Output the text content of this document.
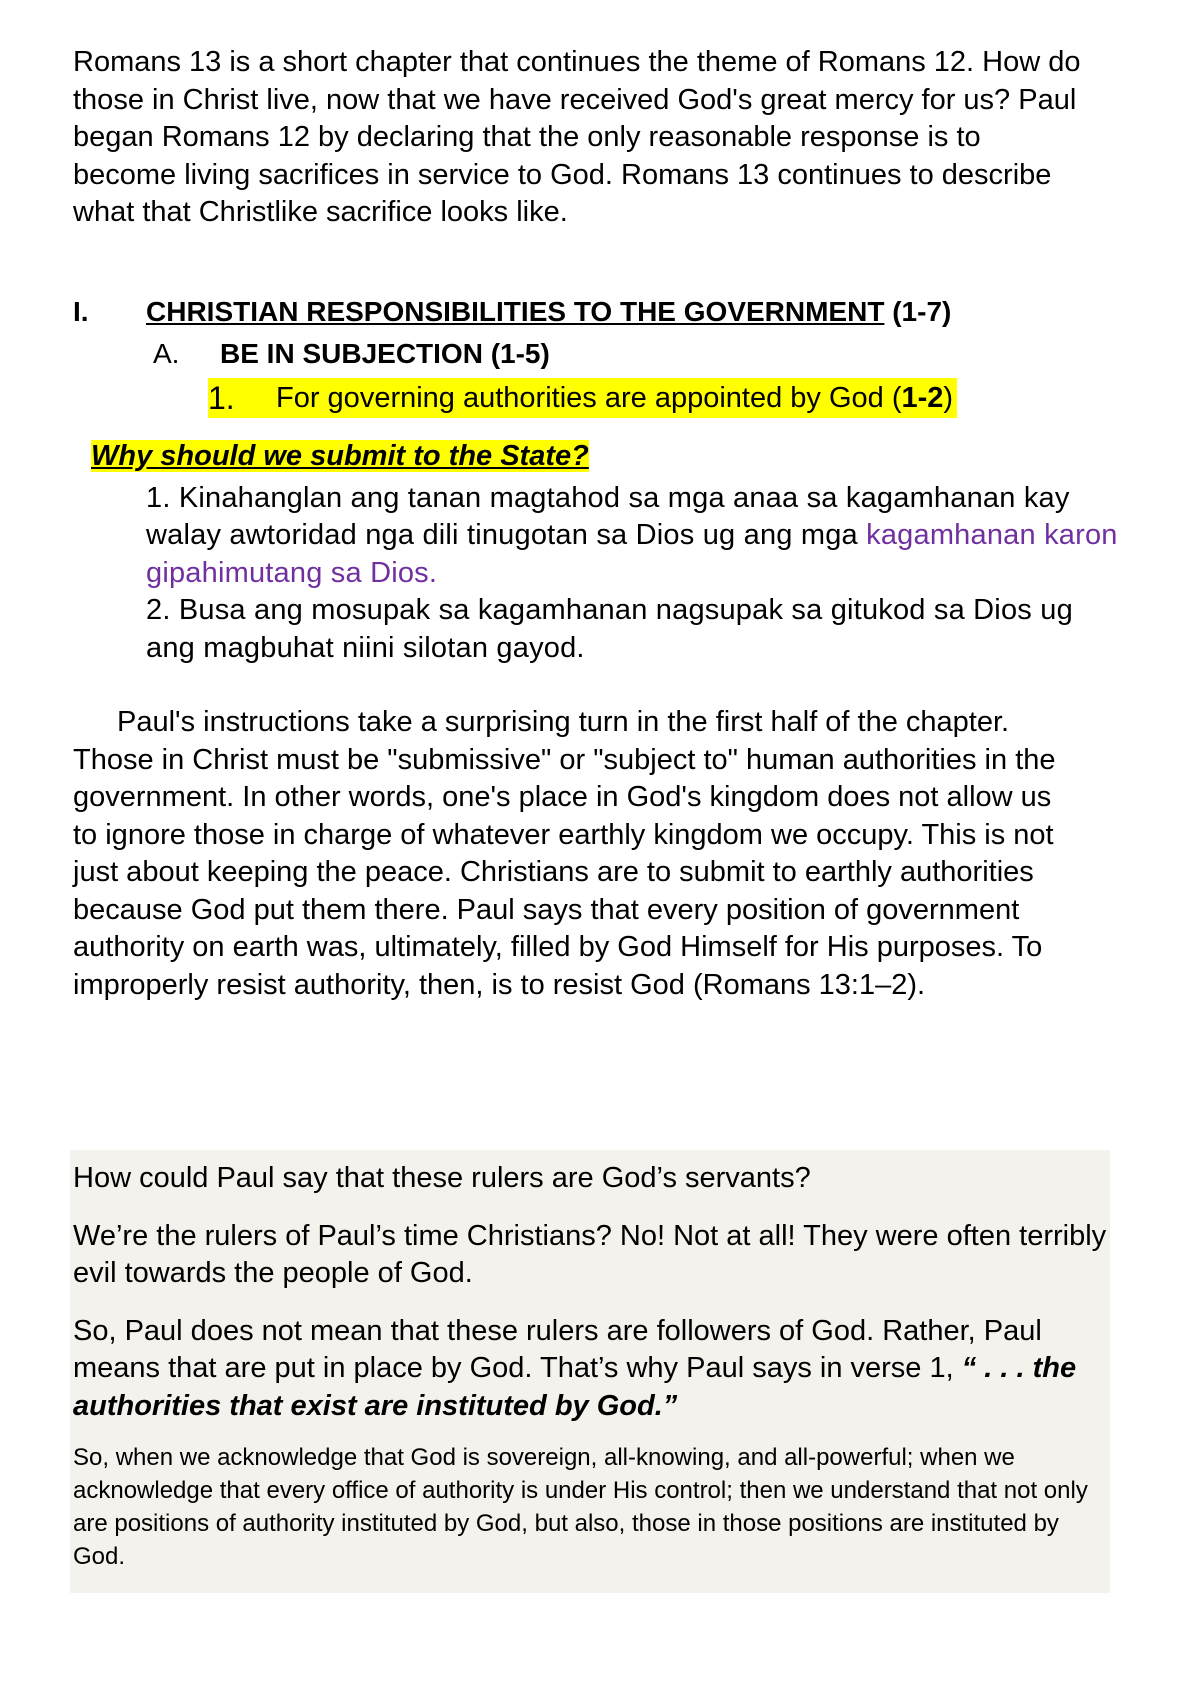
Romans 13 is a short chapter that continues the theme of Romans 12. How do those in Christ live, now that we have received God's great mercy for us? Paul began Romans 12 by declaring that the only reasonable response is to become living sacrifices in service to God. Romans 13 continues to describe what that Christlike sacrifice looks like.

I.	CHRISTIAN RESPONSIBILITIES TO THE GOVERNMENT (1-7)
A.	BE IN SUBJECTION (1-5)
1.	For governing authorities are appointed by God (1-2)
Why should we submit to the State?
1. Kinahanglan ang tanan magtahod sa mga anaa sa kagamhanan kay walay awtoridad nga dili tinugotan sa Dios ug ang mga kagamhanan karon gipahimutang sa Dios.
2. Busa ang mosupak sa kagamhanan nagsupak sa gitukod sa Dios ug ang magbuhat niini silotan gayod.

Paul's instructions take a surprising turn in the first half of the chapter. Those in Christ must be "submissive" or "subject to" human authorities in the government. In other words, one's place in God's kingdom does not allow us to ignore those in charge of whatever earthly kingdom we occupy. This is not just about keeping the peace. Christians are to submit to earthly authorities because God put them there. Paul says that every position of government authority on earth was, ultimately, filled by God Himself for His purposes. To improperly resist authority, then, is to resist God (Romans 13:1–2).

How could Paul say that these rulers are God’s servants?

We’re the rulers of Paul’s time Christians? No! Not at all! They were often terribly evil towards the people of God.

So, Paul does not mean that these rulers are followers of God. Rather, Paul means that are put in place by God. That’s why Paul says in verse 1, “ . . . the authorities that exist are instituted by God.”

So, when we acknowledge that God is sovereign, all-knowing, and all-powerful; when we acknowledge that every office of authority is under His control; then we understand that not only are positions of authority instituted by God, but also, those in those positions are instituted by God.
